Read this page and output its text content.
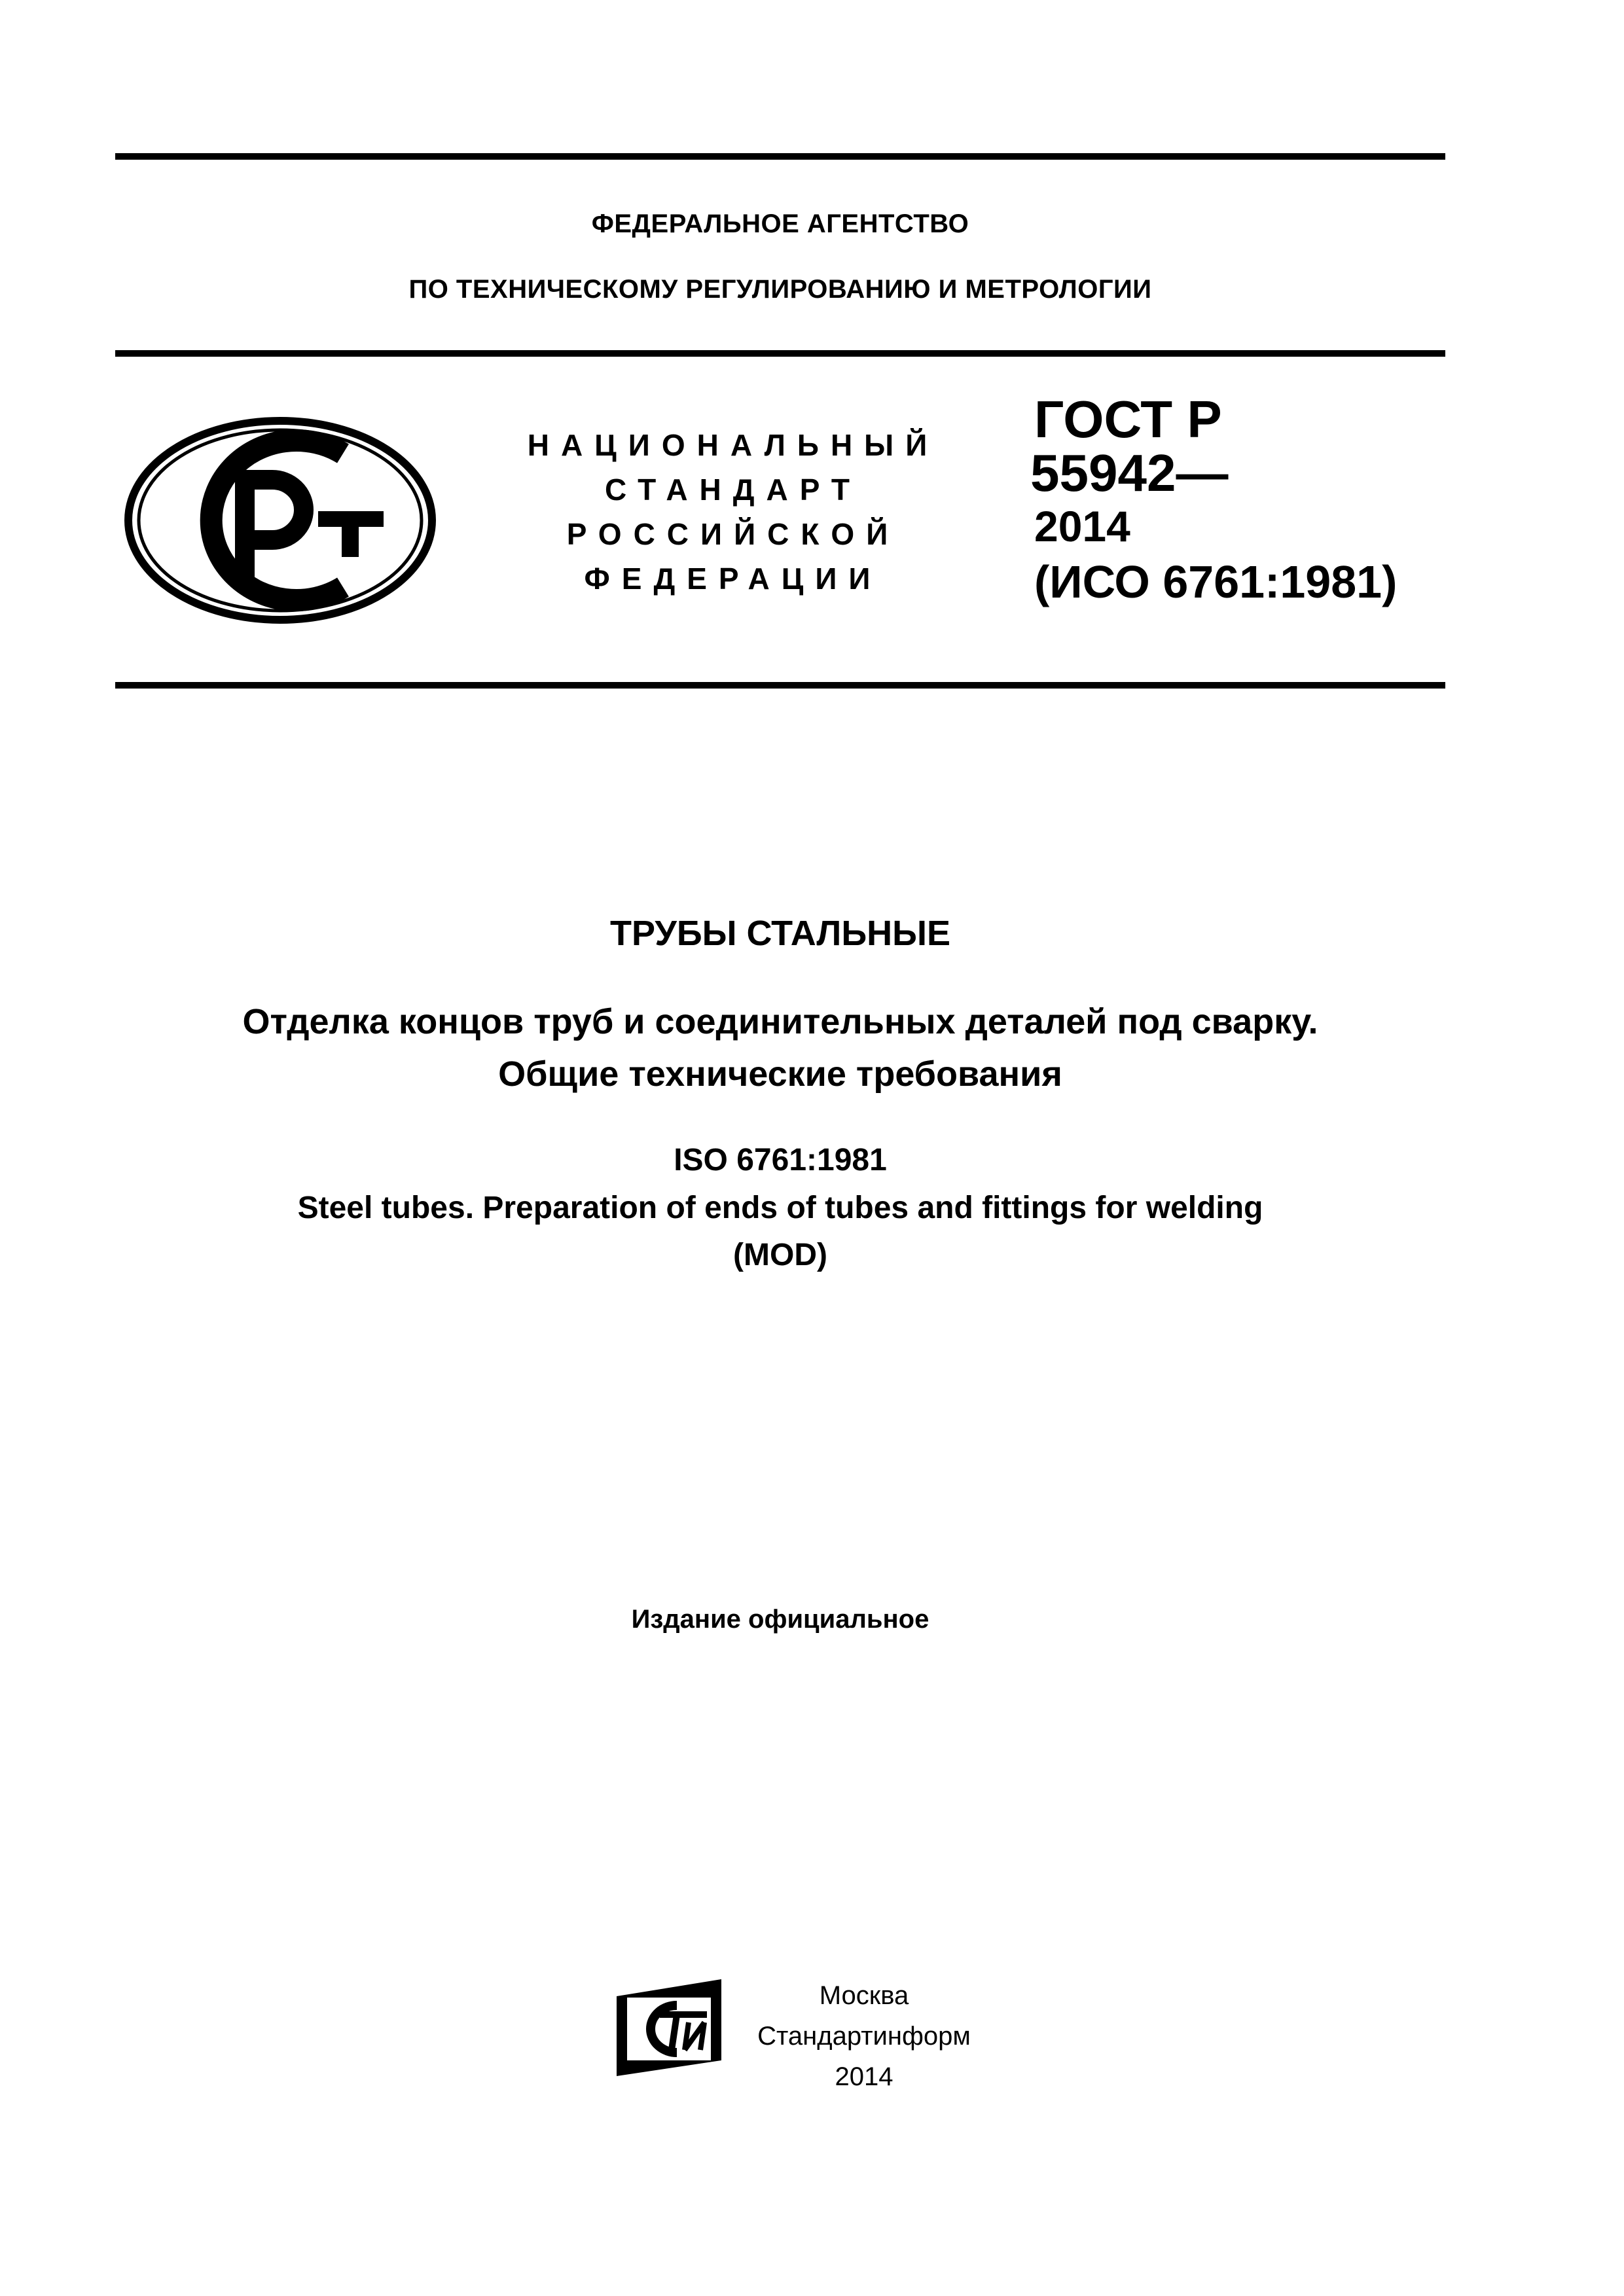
ФЕДЕРАЛЬНОЕ АГЕНТСТВО
ПО ТЕХНИЧЕСКОМУ РЕГУЛИРОВАНИЮ И МЕТРОЛОГИИ
НАЦИОНАЛЬНЫЙ
СТАНДАРТ
РОССИЙСКОЙ
ФЕДЕРАЦИИ
ГОСТ Р
55942—
2014
(ИСО 6761:1981)
ТРУБЫ СТАЛЬНЫЕ
Отделка концов труб и соединительных деталей под сварку.
Общие технические требования
ISO 6761:1981
Steel tubes. Preparation of ends of tubes and fittings for welding
(MOD)
Издание официальное
Москва
Стандартинформ
2014
